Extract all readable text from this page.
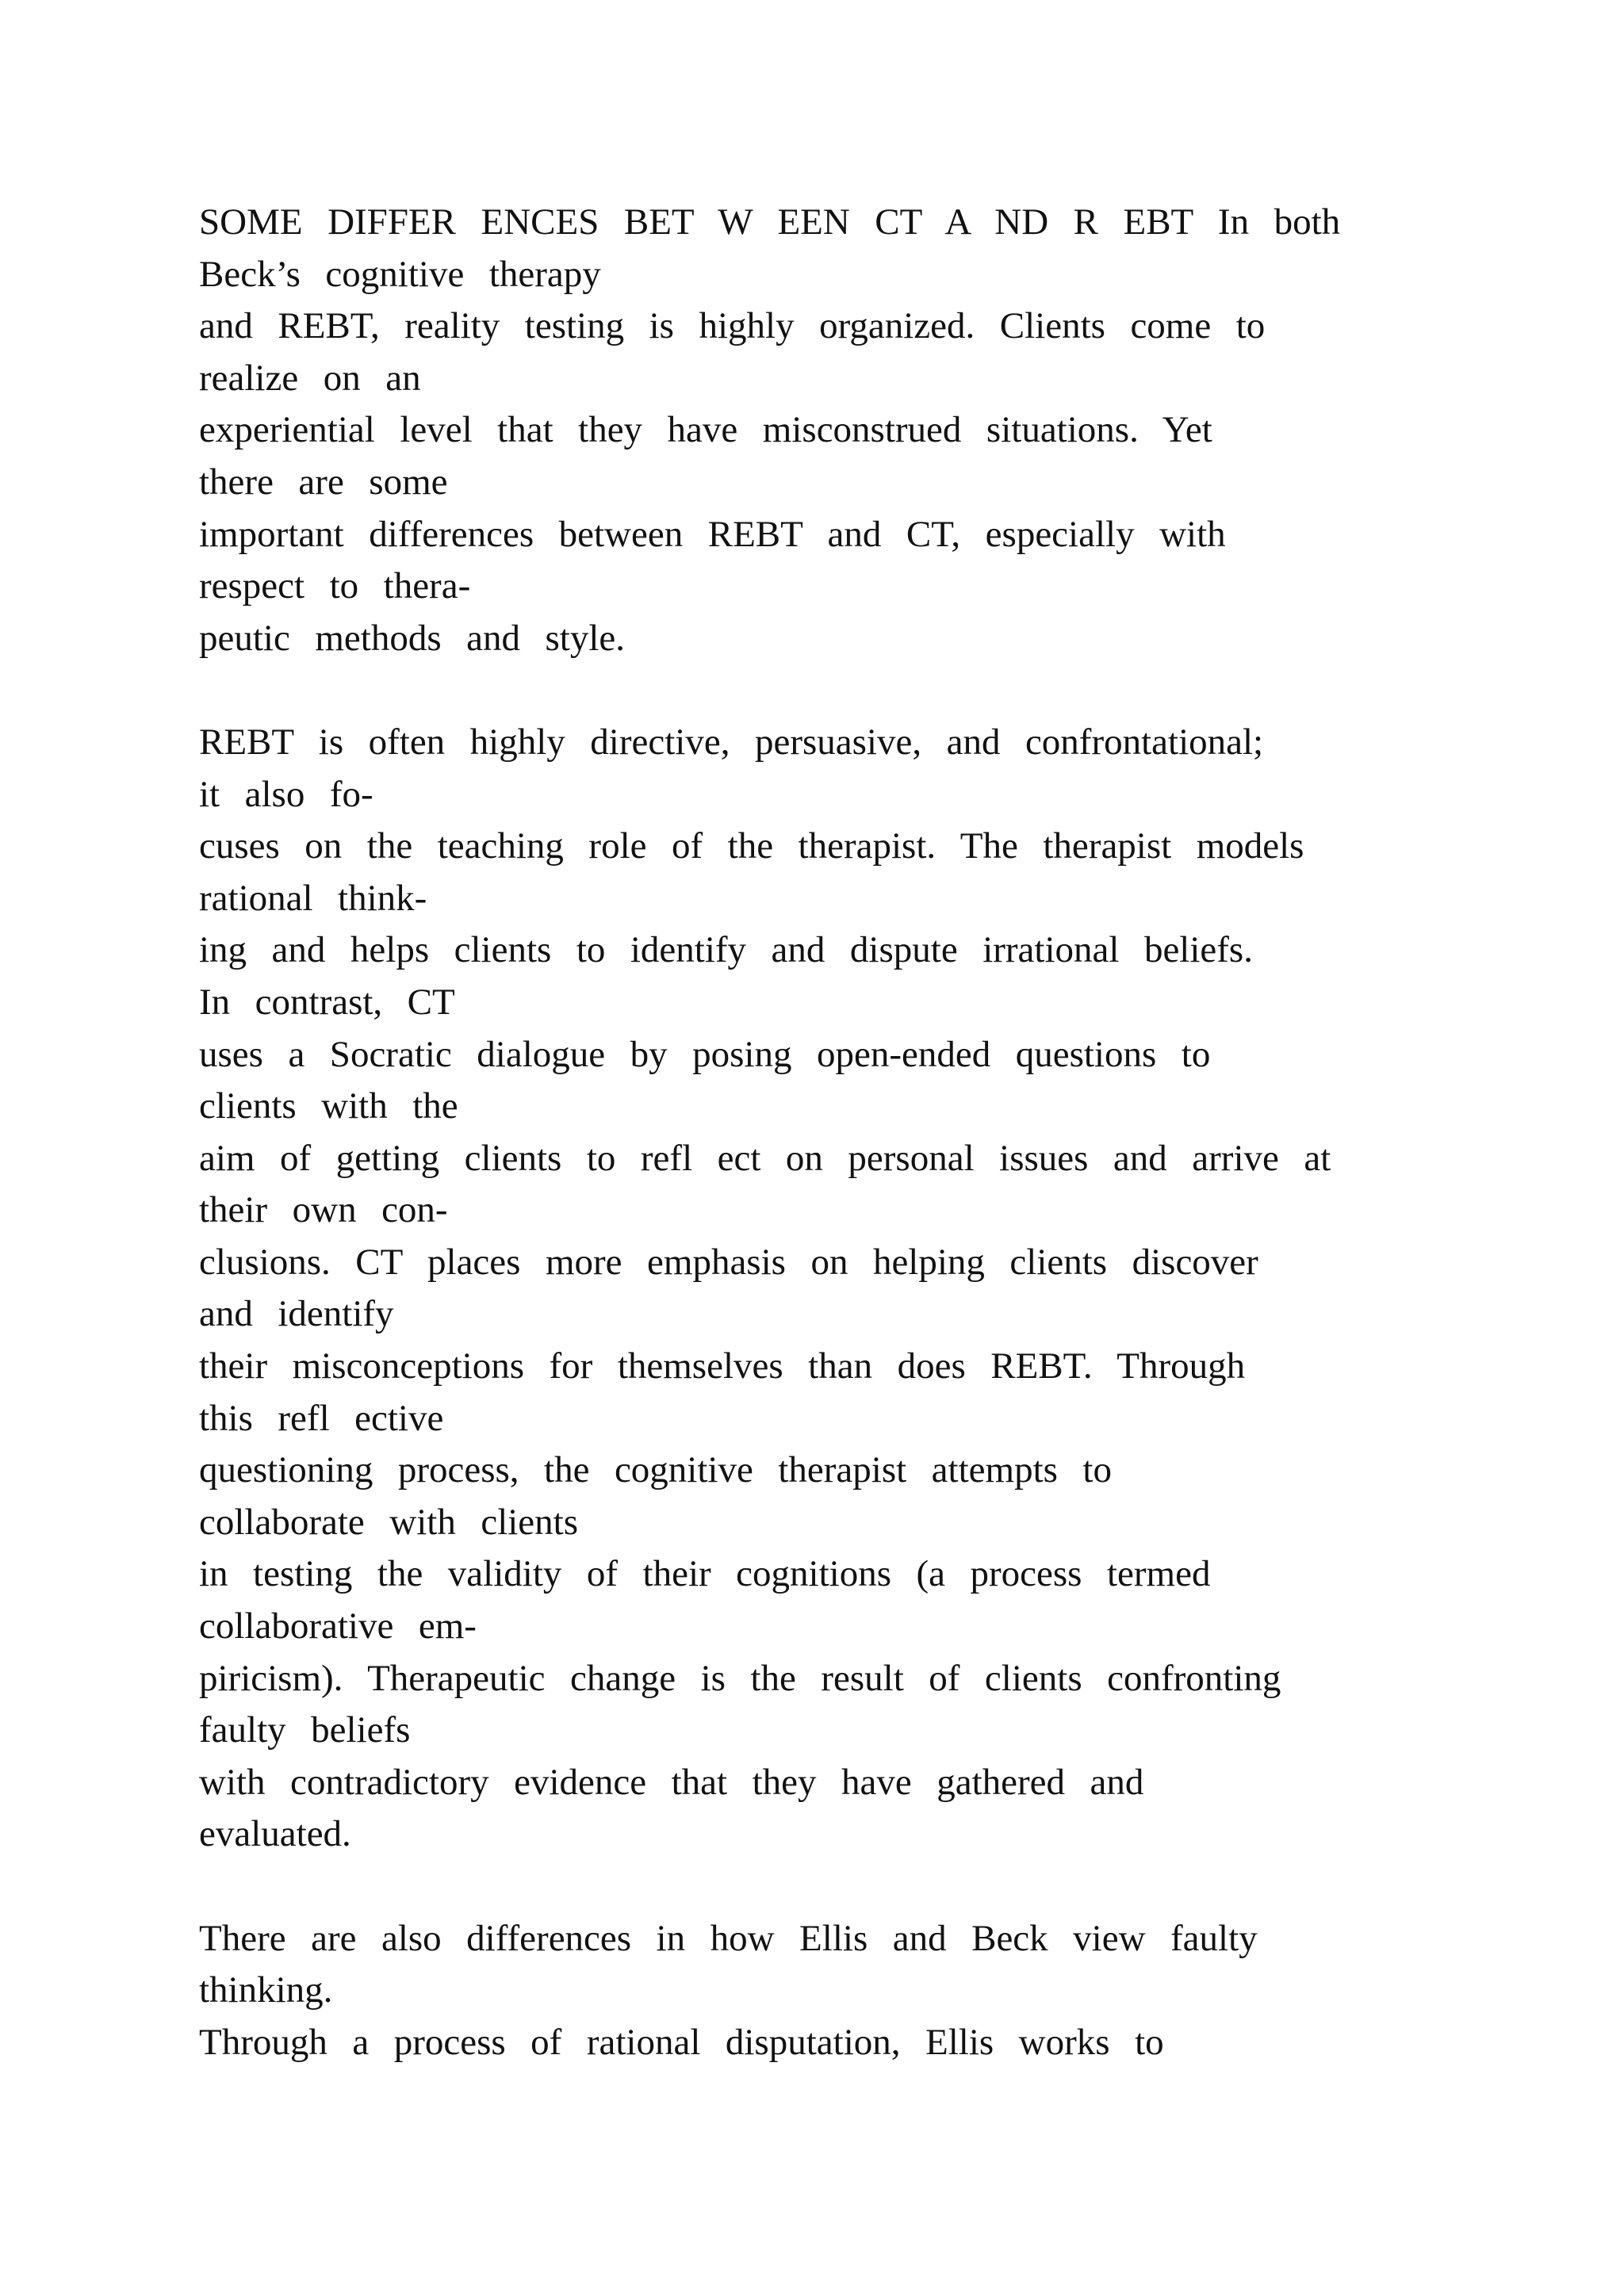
SOME  DIFFER  ENCES  BET  W  EEN  CT  A  ND  R  EBT  In  both
Beck’s  cognitive  therapy
and  REBT,  reality  testing  is  highly  organized.  Clients  come  to
realize  on  an
experiential  level  that  they  have  misconstrued  situations.  Yet
there  are  some
important  differences  between  REBT  and  CT,  especially  with
respect  to  thera-
peutic  methods  and  style.
REBT  is  often  highly  directive,  persuasive,  and  confrontational;
it  also  fo-
cuses  on  the  teaching  role  of  the  therapist.  The  therapist  models
rational  think-
ing  and  helps  clients  to  identify  and  dispute  irrational  beliefs.
In  contrast,  CT
uses  a  Socratic  dialogue  by  posing  open-ended  questions  to
clients  with  the
aim  of  getting  clients  to  refl  ect  on  personal  issues  and  arrive  at
their  own  con-
clusions.  CT  places  more  emphasis  on  helping  clients  discover
and  identify
their  misconceptions  for  themselves  than  does  REBT.  Through
this  refl  ective
questioning  process,  the  cognitive  therapist  attempts  to
collaborate  with  clients
in  testing  the  validity  of  their  cognitions  (a  process  termed
collaborative  em-
piricism).  Therapeutic  change  is  the  result  of  clients  confronting
faulty  beliefs
with  contradictory  evidence  that  they  have  gathered  and
evaluated.
There  are  also  differences  in  how  Ellis  and  Beck  view  faulty
thinking.
Through  a  process  of  rational  disputation,  Ellis  works  to
